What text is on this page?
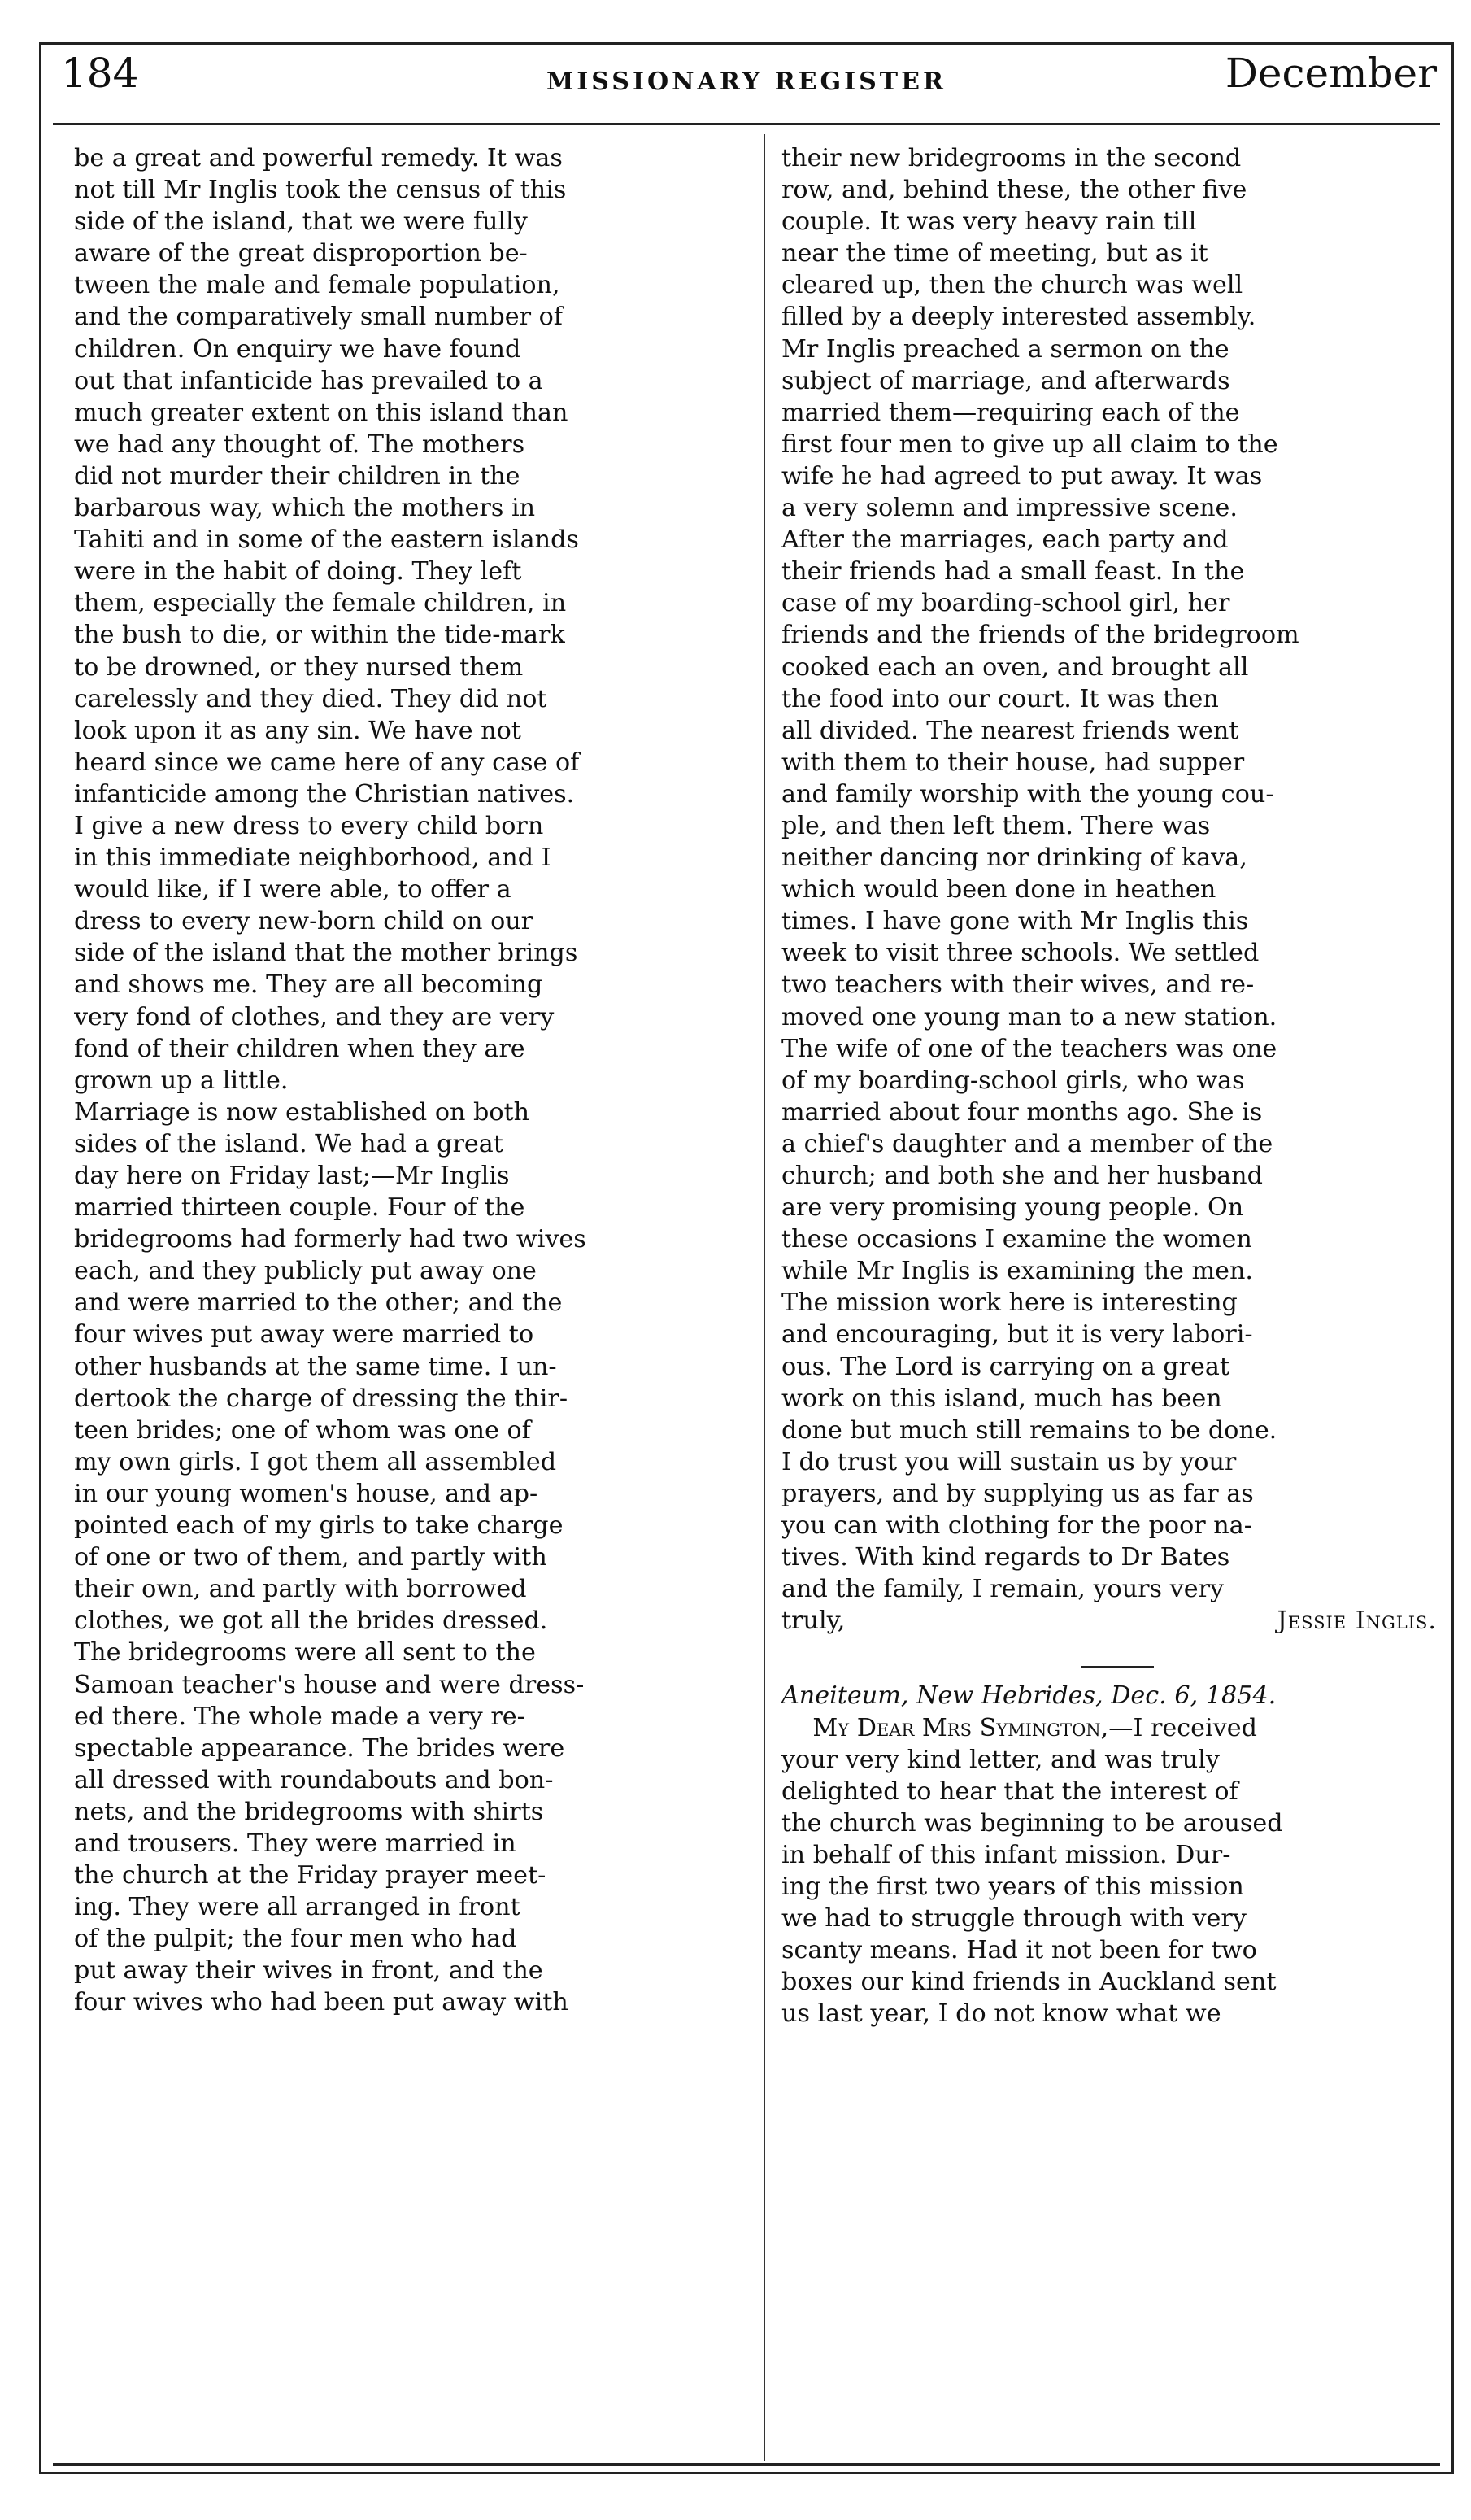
184	MISSIONARY REGISTER	December
be a great and powerful remedy. It was
not till Mr Inglis took the census of this
side of the island, that we were fully
aware of the great disproportion be-
tween the male and female population,
and the comparatively small number of
children. On enquiry we have found
out that infanticide has prevailed to a
much greater extent on this island than
we had any thought of. The mothers
did not murder their children in the
barbarous way, which the mothers in
Tahiti and in some of the eastern islands
were in the habit of doing. They left
them, especially the female children, in
the bush to die, or within the tide-mark
to be drowned, or they nursed them
carelessly and they died. They did not
look upon it as any sin. We have not
heard since we came here of any case of
infanticide among the Christian natives.
I give a new dress to every child born
in this immediate neighborhood, and I
would like, if I were able, to offer a
dress to every new-born child on our
side of the island that the mother brings
and shows me. They are all becoming
very fond of clothes, and they are very
fond of their children when they are
grown up a little.
Marriage is now established on both
sides of the island. We had a great
day here on Friday last;—Mr Inglis
married thirteen couple. Four of the
bridegrooms had formerly had two wives
each, and they publicly put away one
and were married to the other; and the
four wives put away were married to
other husbands at the same time. I un-
dertook the charge of dressing the thir-
teen brides; one of whom was one of
my own girls. I got them all assembled
in our young women's house, and ap-
pointed each of my girls to take charge
of one or two of them, and partly with
their own, and partly with borrowed
clothes, we got all the brides dressed.
The bridegrooms were all sent to the
Samoan teacher's house and were dress-
ed there. The whole made a very re-
spectable appearance. The brides were
all dressed with roundabouts and bon-
nets, and the bridegrooms with shirts
and trousers. They were married in
the church at the Friday prayer meet-
ing. They were all arranged in front
of the pulpit; the four men who had
put away their wives in front, and the
four wives who had been put away with
their new bridegrooms in the second
row, and, behind these, the other five
couple. It was very heavy rain till
near the time of meeting, but as it
cleared up, then the church was well
filled by a deeply interested assembly.
Mr Inglis preached a sermon on the
subject of marriage, and afterwards
married them—requiring each of the
first four men to give up all claim to the
wife he had agreed to put away. It was
a very solemn and impressive scene.
After the marriages, each party and
their friends had a small feast. In the
case of my boarding-school girl, her
friends and the friends of the bridegroom
cooked each an oven, and brought all
the food into our court. It was then
all divided. The nearest friends went
with them to their house, had supper
and family worship with the young cou-
ple, and then left them. There was
neither dancing nor drinking of kava,
which would been done in heathen
times. I have gone with Mr Inglis this
week to visit three schools. We settled
two teachers with their wives, and re-
moved one young man to a new station.
The wife of one of the teachers was one
of my boarding-school girls, who was
married about four months ago. She is
a chief's daughter and a member of the
church; and both she and her husband
are very promising young people. On
these occasions I examine the women
while Mr Inglis is examining the men.
The mission work here is interesting
and encouraging, but it is very labori-
ous. The Lord is carrying on a great
work on this island, much has been
done but much still remains to be done.
I do trust you will sustain us by your
prayers, and by supplying us as far as
you can with clothing for the poor na-
tives. With kind regards to Dr Bates
and the family, I remain, yours very
truly,	Jessie Inglis.
Aneiteum, New Hebrides, Dec. 6, 1854.
My Dear Mrs Symington,—I received
your very kind letter, and was truly
delighted to hear that the interest of
the church was beginning to be aroused
in behalf of this infant mission. Dur-
ing the first two years of this mission
we had to struggle through with very
scanty means. Had it not been for two
boxes our kind friends in Auckland sent
us last year, I do not know what we
